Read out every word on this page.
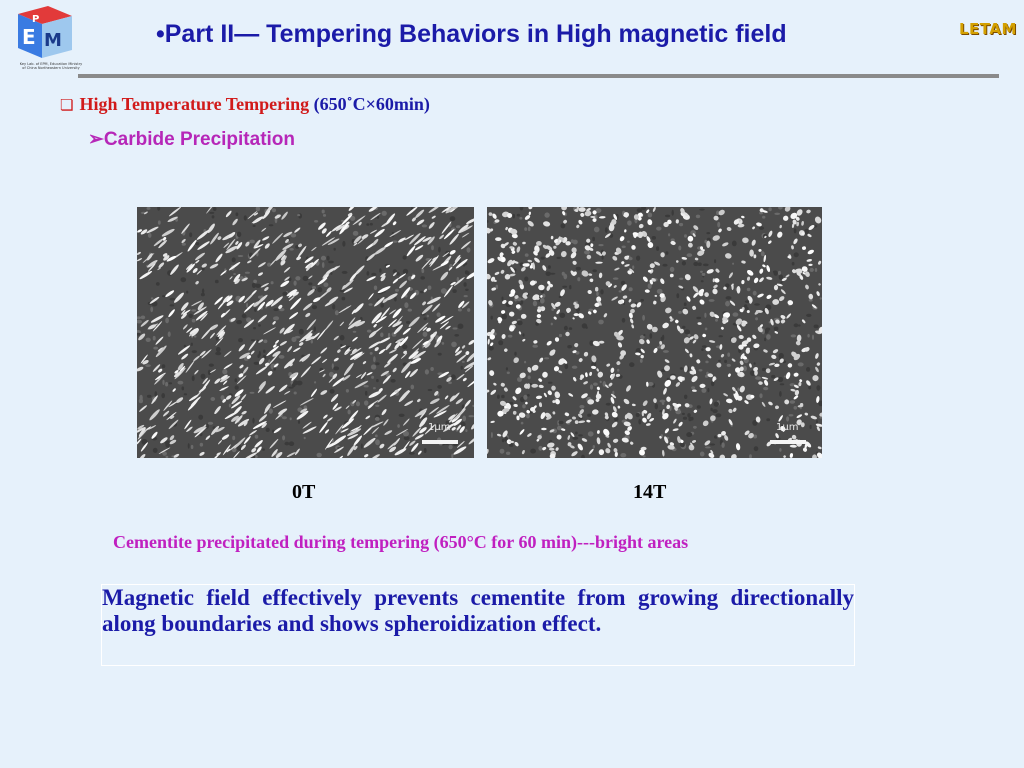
E M
P
Key Lab. of EPM, Education Ministry of China Northeastern University
•Part II— Tempering Behaviors in High magnetic field	LETAM
❏ High Temperature Tempering (650˚C×60min)
➢Carbide Precipitation
1μm	1μm
0T	14T
Cementite precipitated during tempering (650°C for 60 min)---bright areas
Magnetic field effectively prevents cementite from growing directionally along boundaries and shows spheroidization effect.
